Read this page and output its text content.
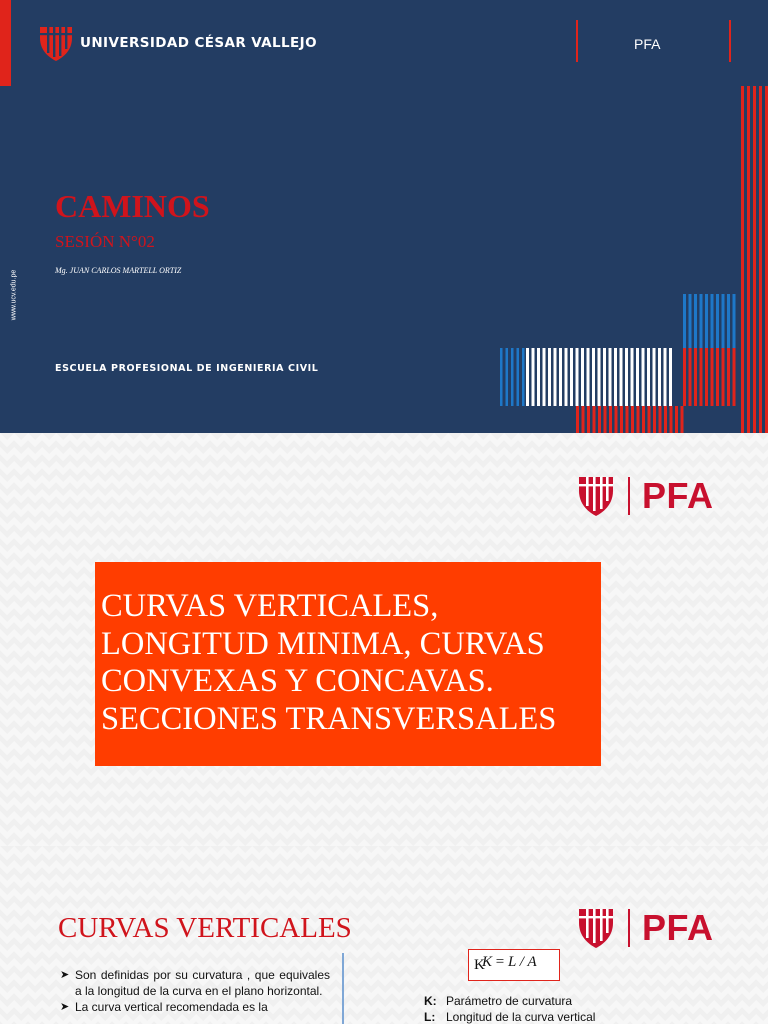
UNIVERSIDAD CÉSAR VALLEJO	PFA
www.ucv.edu.pe
CAMINOS
SESIÓN N°02
Mg. JUAN CARLOS MARTELL ORTIZ
ESCUELA PROFESIONAL DE INGENIERIA CIVIL
PFA
CURVAS VERTICALES,
LONGITUD MINIMA, CURVAS
CONVEXAS Y CONCAVAS.
SECCIONES TRANSVERSALES
PFA
CURVAS VERTICALES
➤ Son definidas por su curvatura , que equivales a la longitud de la curva en el plano horizontal.
➤ La curva vertical recomendada es la
K
K = L / A
K: Parámetro de curvatura
L: Longitud de la curva vertical
